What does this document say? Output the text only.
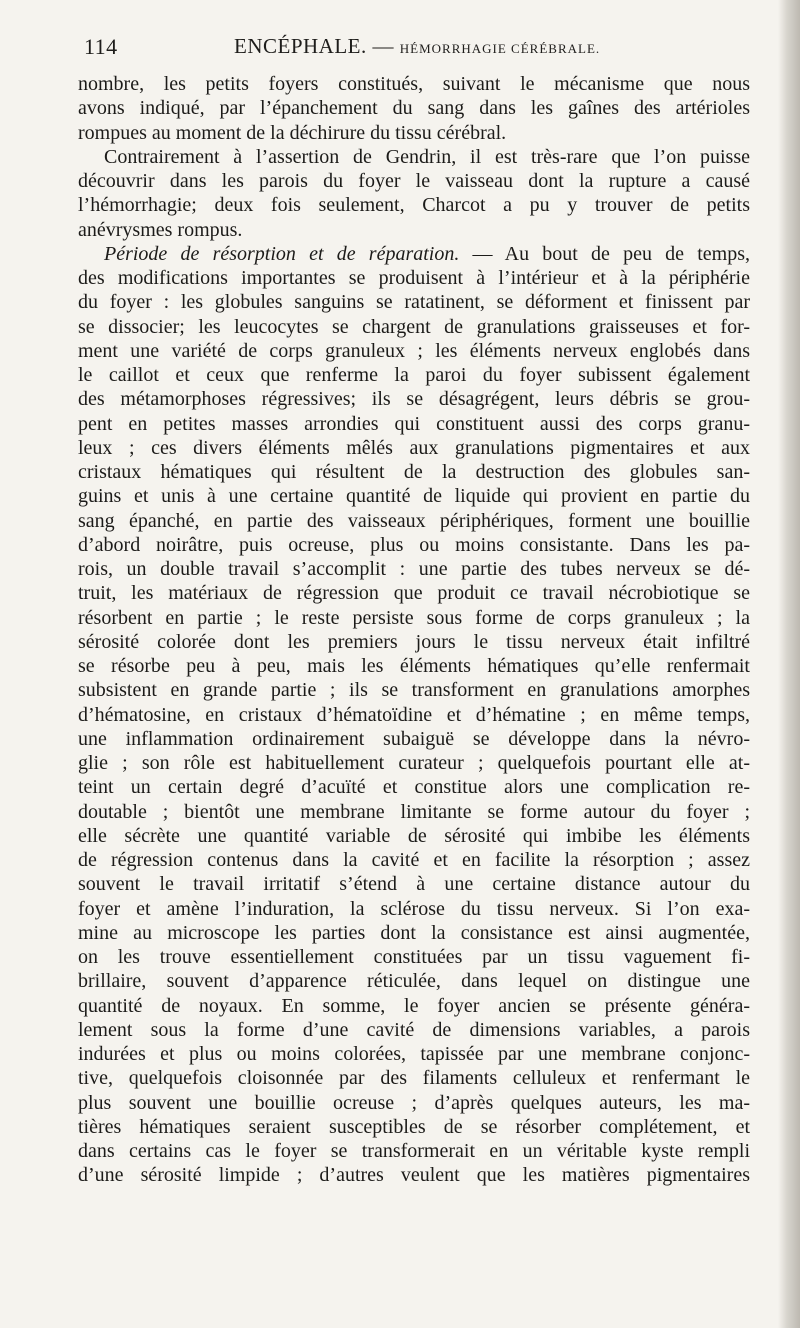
114	ENCÉPHALE. — HÉMORRHAGIE CÉRÉBRALE.
nombre, les petits foyers constitués, suivant le mécanisme que nous
avons indiqué, par l’épanchement du sang dans les gaînes des artérioles
rompues au moment de la déchirure du tissu cérébral.
Contrairement à l’assertion de Gendrin, il est très-rare que l’on puisse
découvrir dans les parois du foyer le vaisseau dont la rupture a causé
l’hémorrhagie; deux fois seulement, Charcot a pu y trouver de petits
anévrysmes rompus.
Période de résorption et de réparation. — Au bout de peu de temps,
des modifications importantes se produisent à l’intérieur et à la périphérie
du foyer : les globules sanguins se ratatinent, se déforment et finissent par
se dissocier; les leucocytes se chargent de granulations graisseuses et for-
ment une variété de corps granuleux ; les éléments nerveux englobés dans
le caillot et ceux que renferme la paroi du foyer subissent également
des métamorphoses régressives; ils se désagrégent, leurs débris se grou-
pent en petites masses arrondies qui constituent aussi des corps granu-
leux ; ces divers éléments mêlés aux granulations pigmentaires et aux
cristaux hématiques qui résultent de la destruction des globules san-
guins et unis à une certaine quantité de liquide qui provient en partie du
sang épanché, en partie des vaisseaux périphériques, forment une bouillie
d’abord noirâtre, puis ocreuse, plus ou moins consistante. Dans les pa-
rois, un double travail s’accomplit : une partie des tubes nerveux se dé-
truit, les matériaux de régression que produit ce travail nécrobiotique se
résorbent en partie ; le reste persiste sous forme de corps granuleux ; la
sérosité colorée dont les premiers jours le tissu nerveux était infiltré
se résorbe peu à peu, mais les éléments hématiques qu’elle renfermait
subsistent en grande partie ; ils se transforment en granulations amorphes
d’hématosine, en cristaux d’hématoïdine et d’hématine ; en même temps,
une inflammation ordinairement subaiguë se développe dans la névro-
glie ; son rôle est habituellement curateur ; quelquefois pourtant elle at-
teint un certain degré d’acuïté et constitue alors une complication re-
doutable ; bientôt une membrane limitante se forme autour du foyer ;
elle sécrète une quantité variable de sérosité qui imbibe les éléments
de régression contenus dans la cavité et en facilite la résorption ; assez
souvent le travail irritatif s’étend à une certaine distance autour du
foyer et amène l’induration, la sclérose du tissu nerveux. Si l’on exa-
mine au microscope les parties dont la consistance est ainsi augmentée,
on les trouve essentiellement constituées par un tissu vaguement fi-
brillaire, souvent d’apparence réticulée, dans lequel on distingue une
quantité de noyaux. En somme, le foyer ancien se présente généra-
lement sous la forme d’une cavité de dimensions variables, a parois
indurées et plus ou moins colorées, tapissée par une membrane conjonc-
tive, quelquefois cloisonnée par des filaments celluleux et renfermant le
plus souvent une bouillie ocreuse ; d’après quelques auteurs, les ma-
tières hématiques seraient susceptibles de se résorber complétement, et
dans certains cas le foyer se transformerait en un véritable kyste rempli
d’une sérosité limpide ; d’autres veulent que les matières pigmentaires
